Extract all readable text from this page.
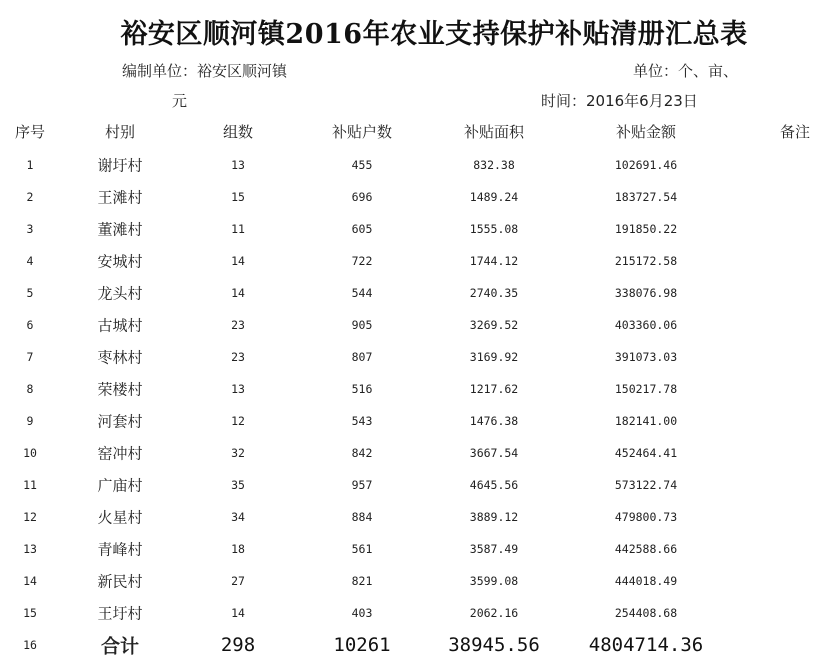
裕安区顺河镇2016年农业支持保护补贴清册汇总表
编制单位：裕安区顺河镇	单位：个、亩、
元	时间：2016年6月23日
序号	村别	组数	补贴户数	补贴面积	补贴金额	备注
1	谢圩村	13	455	832.38	102691.46
2	王滩村	15	696	1489.24	183727.54
3	董滩村	11	605	1555.08	191850.22
4	安城村	14	722	1744.12	215172.58
5	龙头村	14	544	2740.35	338076.98
6	古城村	23	905	3269.52	403360.06
7	枣林村	23	807	3169.92	391073.03
8	荣楼村	13	516	1217.62	150217.78
9	河套村	12	543	1476.38	182141.00
10	窑冲村	32	842	3667.54	452464.41
11	广庙村	35	957	4645.56	573122.74
12	火星村	34	884	3889.12	479800.73
13	青峰村	18	561	3587.49	442588.66
14	新民村	27	821	3599.08	444018.49
15	王圩村	14	403	2062.16	254408.68
16	合计	298	10261	38945.56	4804714.36
